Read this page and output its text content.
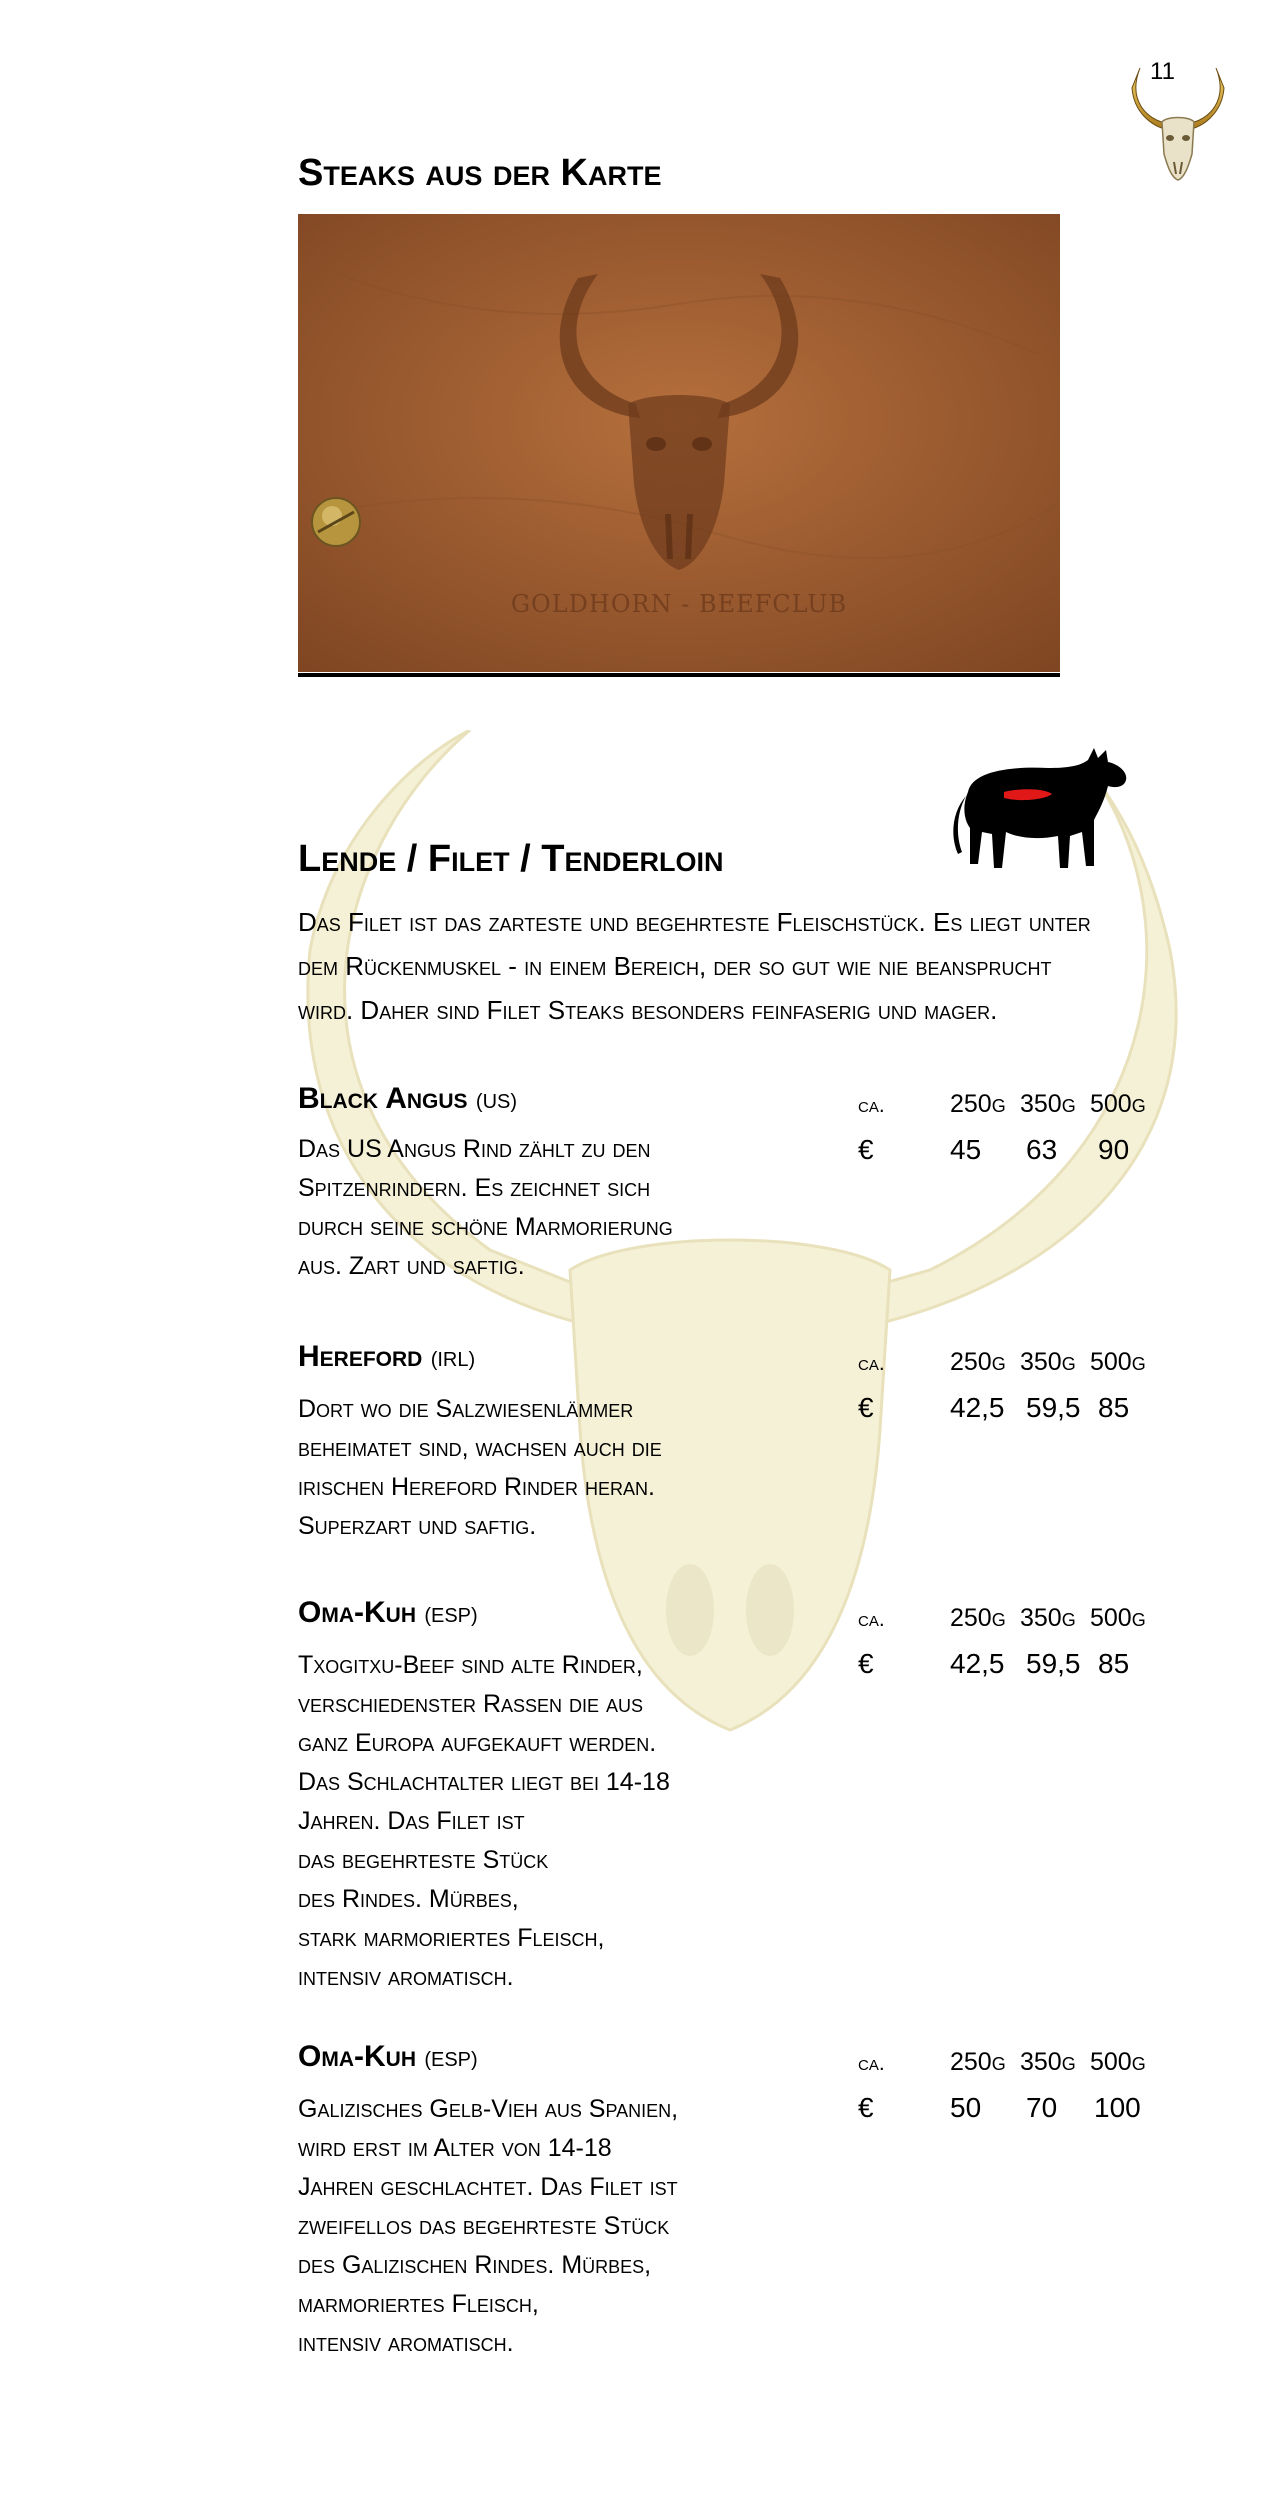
11
Steaks aus der Karte
GOLDHORN - BEEFCLUB
Lende / Filet / Tenderloin
Das Filet ist das zarteste und begehrteste Fleischstück. Es liegt unter
dem Rückenmuskel - in einem Bereich, der so gut wie nie beansprucht
wird. Daher sind Filet Steaks besonders feinfaserig und mager.
Black Angus (US)	ca.	250g 350g 500g
€	45 63 90
Das US Angus Rind zählt zu den
Spitzenrindern. Es zeichnet sich
durch seine schöne Marmorierung
aus. Zart und saftig.
Hereford (IRL)	ca.	250g 350g 500g
€	42,5 59,5 85
Dort wo die Salzwiesenlämmer
beheimatet sind, wachsen auch die
irischen Hereford Rinder heran.
Superzart und saftig.
Oma-Kuh (ESP)	ca.	250g 350g 500g
€	42,5 59,5 85
Txogitxu-Beef sind alte Rinder,
verschiedenster Rassen die aus
ganz Europa aufgekauft werden.
Das Schlachtalter liegt bei 14-18
Jahren. Das Filet ist
das begehrteste Stück
des Rindes. Mürbes,
stark marmoriertes Fleisch,
intensiv aromatisch.
Oma-Kuh (ESP)	ca.	250g 350g 500g
€	50 70 100
Galizisches Gelb-Vieh aus Spanien,
wird erst im Alter von 14-18
Jahren geschlachtet. Das Filet ist
zweifellos das begehrteste Stück
des Galizischen Rindes. Mürbes,
marmoriertes Fleisch,
intensiv aromatisch.
